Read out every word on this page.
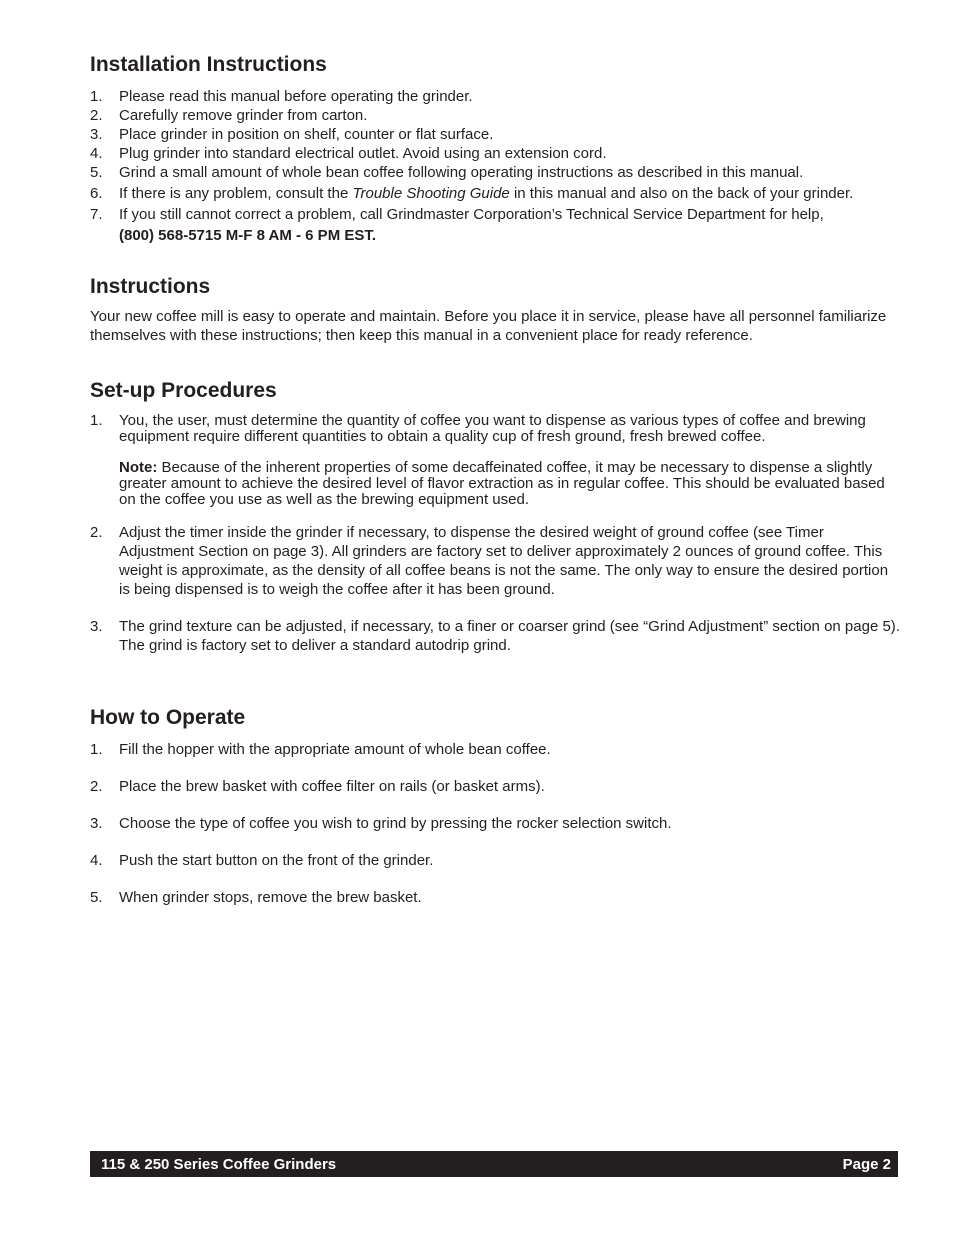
Installation Instructions
1. Please read this manual before operating the grinder.
2. Carefully remove grinder from carton.
3. Place grinder in position on shelf, counter or flat surface.
4. Plug grinder into standard electrical outlet. Avoid using an extension cord.
5. Grind a small amount of whole bean coffee following operating instructions as described in this manual.
6. If there is any problem, consult the Trouble Shooting Guide in this manual and also on the back of your grinder.
7. If you still cannot correct a problem, call Grindmaster Corporation’s Technical Service Department for help,
(800) 568-5715 M-F 8 AM - 6 PM EST.
Instructions

Your new coffee mill is easy to operate and maintain. Before you place it in service, please have all personnel familiarize themselves with these instructions; then keep this manual in a convenient place for ready reference.

Set-up Procedures
1. You, the user, must determine the quantity of coffee you want to dispense as various types of coffee and brewing equipment require different quantities to obtain a quality cup of fresh ground, fresh brewed coffee.
Note: Because of the inherent properties of some decaffeinated coffee, it may be necessary to dispense a slightly greater amount to achieve the desired level of flavor extraction as in regular coffee. This should be evaluated based on the coffee you use as well as the brewing equipment used.
2. Adjust the timer inside the grinder if necessary, to dispense the desired weight of ground coffee (see Timer Adjustment Section on page 3). All grinders are factory set to deliver approximately 2 ounces of ground coffee. This weight is approximate, as the density of all coffee beans is not the same. The only way to ensure the desired portion is being dispensed is to weigh the coffee after it has been ground.
3. The grind texture can be adjusted, if necessary, to a finer or coarser grind (see “Grind Adjustment” section on page 5). The grind is factory set to deliver a standard autodrip grind.
How to Operate
1. Fill the hopper with the appropriate amount of whole bean coffee.
2. Place the brew basket with coffee filter on rails (or basket arms).
3. Choose the type of coffee you wish to grind by pressing the rocker selection switch.
4. Push the start button on the front of the grinder.
5. When grinder stops, remove the brew basket.
115 & 250 Series Coffee Grinders	Page 2
